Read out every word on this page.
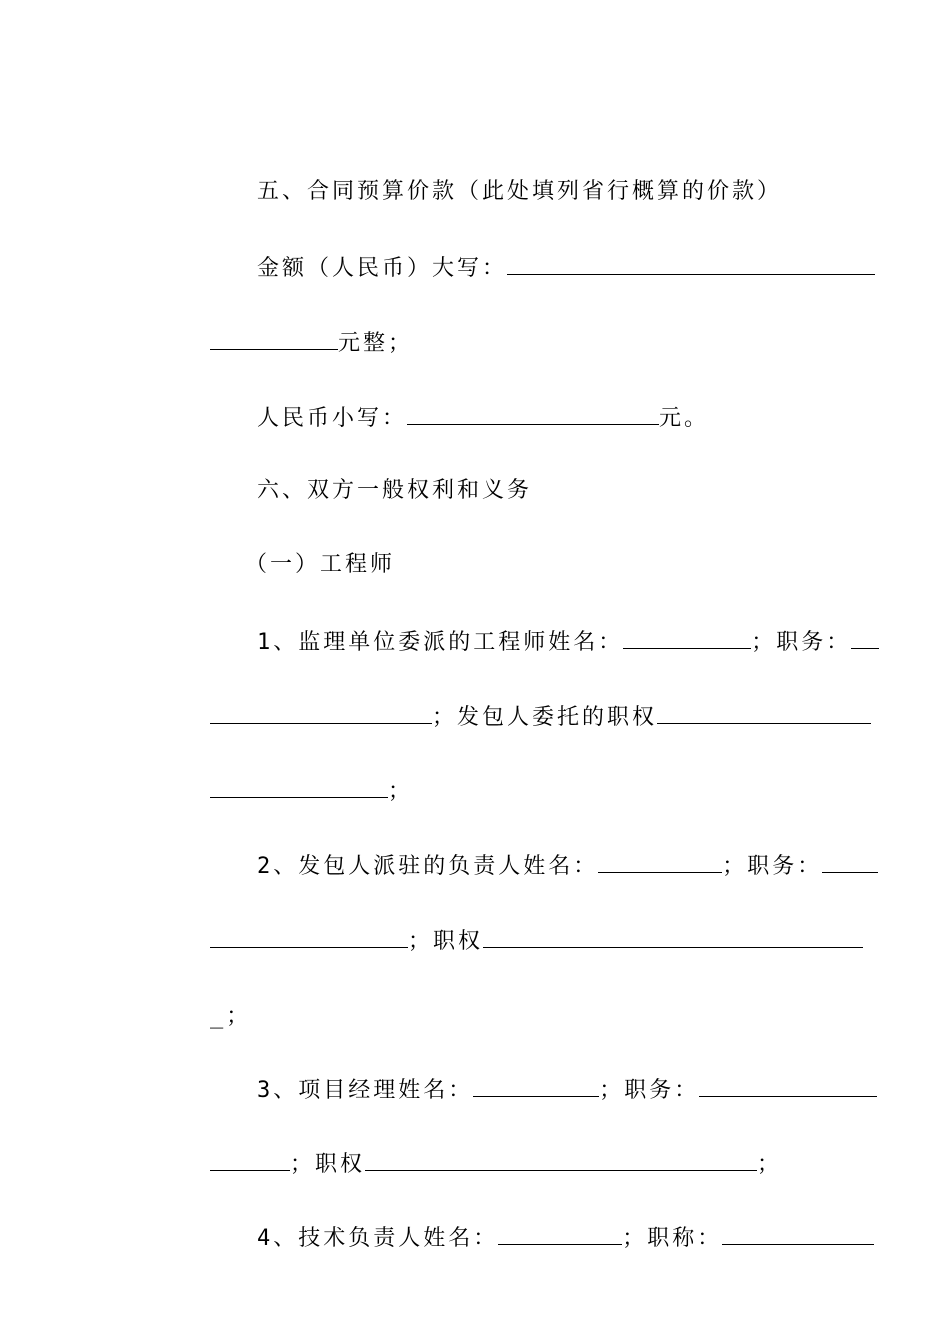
五、合同预算价款（此处填列省行概算的价款）

金额（人民币）大写：

元整；

人民币小写：	元。

六、双方一般权利和义务

（一）工程师

1、监理单位委派的工程师姓名：	；职务：

；发包人委托的职权

；

2、发包人派驻的负责人姓名：	；职务：

；职权

_；

3、项目经理姓名：	；职务：

；职权	；

4、技术负责人姓名：	；职称：
